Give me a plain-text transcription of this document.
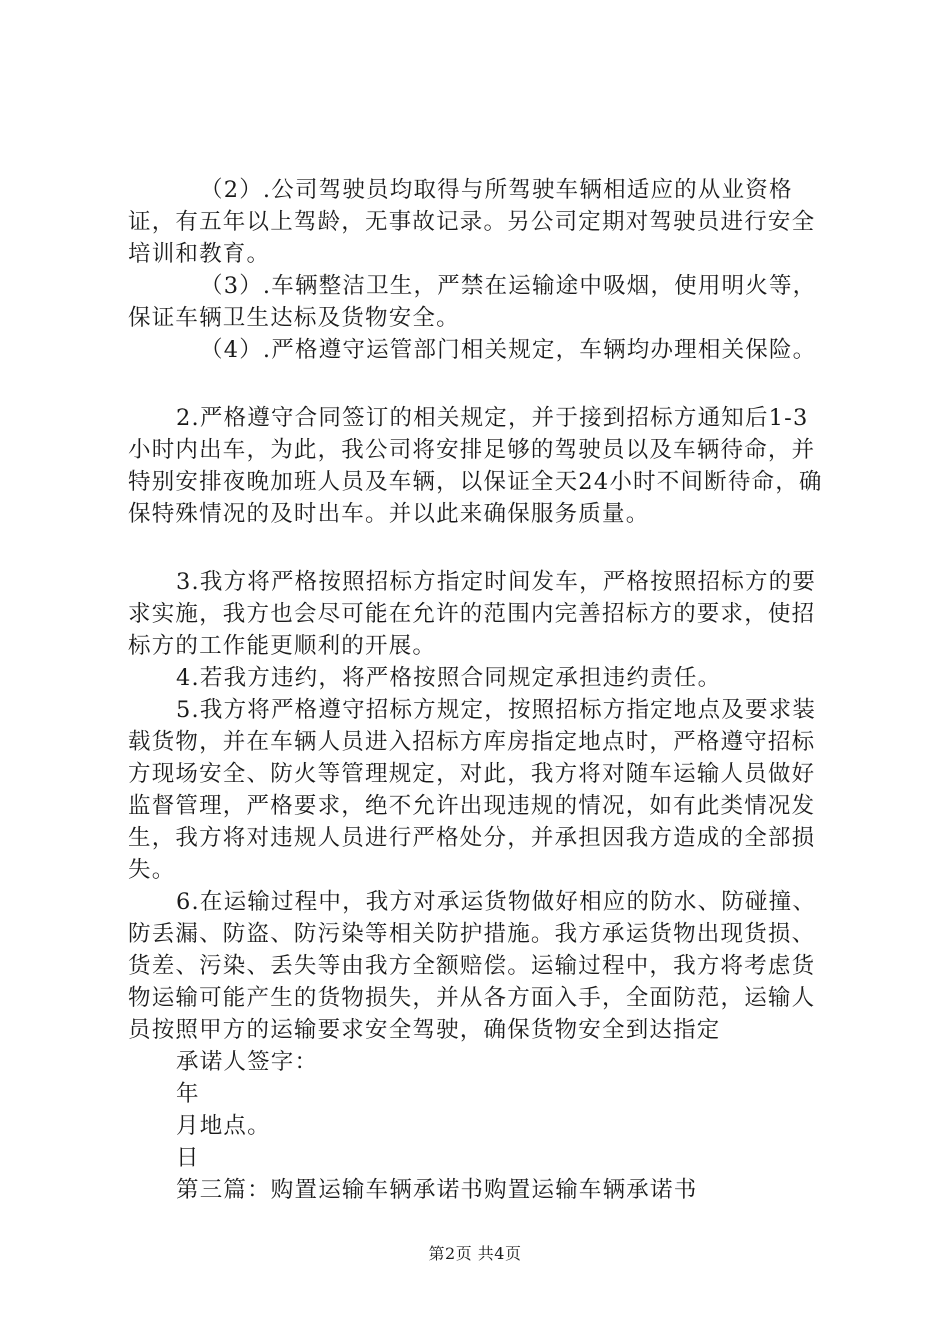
（2）.公司驾驶员均取得与所驾驶车辆相适应的从业资格证，有五年以上驾龄，无事故记录。另公司定期对驾驶员进行安全培训和教育。

（3）.车辆整洁卫生，严禁在运输途中吸烟，使用明火等，保证车辆卫生达标及货物安全。

（4）.严格遵守运管部门相关规定，车辆均办理相关保险。

2.严格遵守合同签订的相关规定，并于接到招标方通知后1-3小时内出车，为此，我公司将安排足够的驾驶员以及车辆待命，并特别安排夜晚加班人员及车辆，以保证全天24小时不间断待命，确保特殊情况的及时出车。并以此来确保服务质量。

3.我方将严格按照招标方指定时间发车，严格按照招标方的要求实施，我方也会尽可能在允许的范围内完善招标方的要求，使招标方的工作能更顺利的开展。

4.若我方违约，将严格按照合同规定承担违约责任。

5.我方将严格遵守招标方规定，按照招标方指定地点及要求装载货物，并在车辆人员进入招标方库房指定地点时，严格遵守招标方现场安全、防火等管理规定，对此，我方将对随车运输人员做好监督管理，严格要求，绝不允许出现违规的情况，如有此类情况发生，我方将对违规人员进行严格处分，并承担因我方造成的全部损失。

6.在运输过程中，我方对承运货物做好相应的防水、防碰撞、防丢漏、防盗、防污染等相关防护措施。我方承运货物出现货损、货差、污染、丢失等由我方全额赔偿。运输过程中，我方将考虑货物运输可能产生的货物损失，并从各方面入手，全面防范，运输人员按照甲方的运输要求安全驾驶，确保货物安全到达指定

承诺人签字：

年

月地点。

日

第三篇：购置运输车辆承诺书购置运输车辆承诺书

第2页 共4页
